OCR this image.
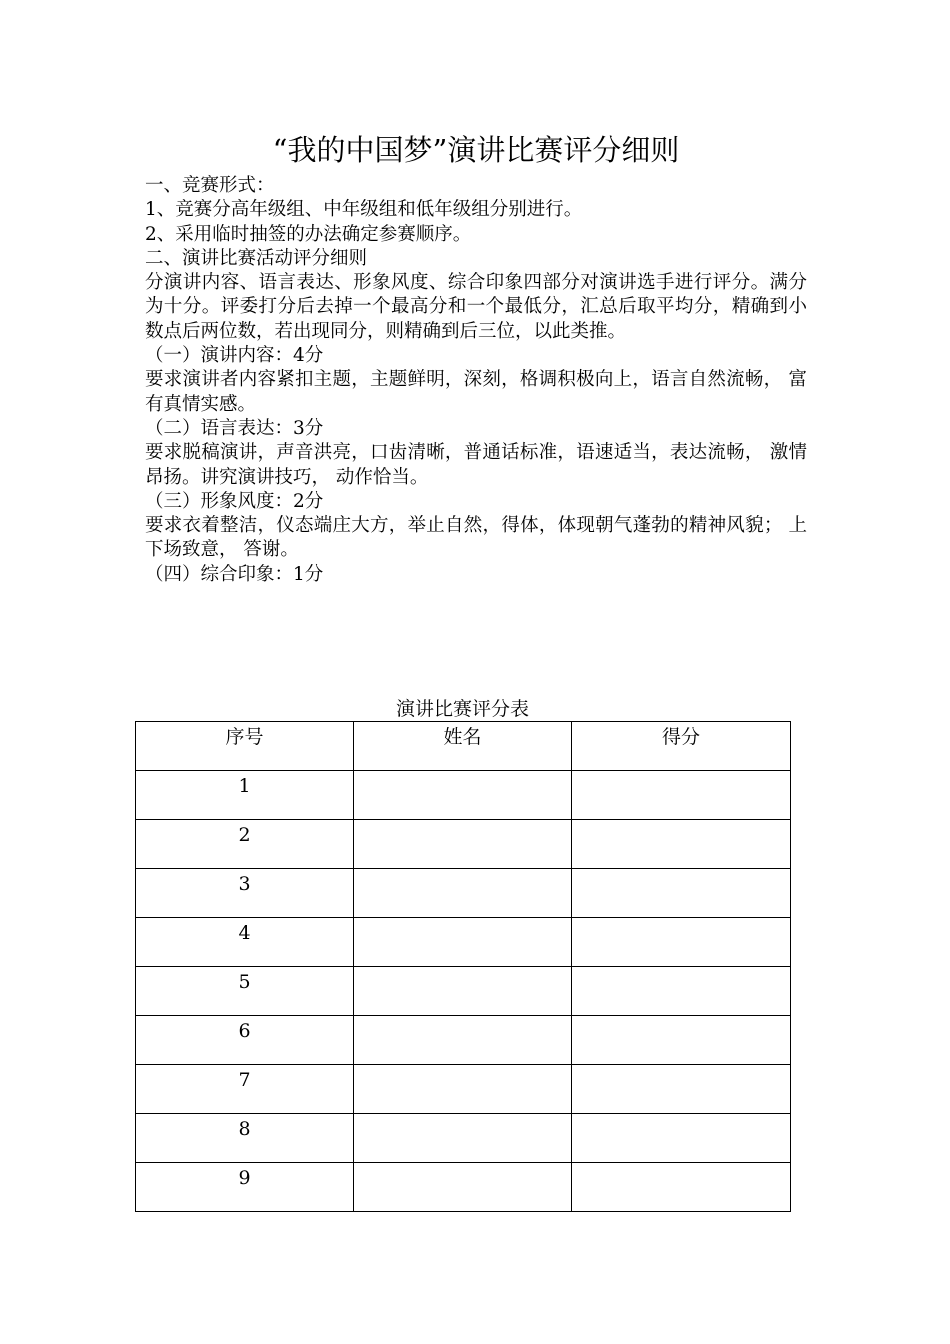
“我的中国梦”演讲比赛评分细则

一、竞赛形式：

1、竞赛分高年级组、中年级组和低年级组分别进行。

2、采用临时抽签的办法确定参赛顺序。

二、演讲比赛活动评分细则

分演讲内容、语言表达、形象风度、综合印象四部分对演讲选手进行评分。满分为十分。评委打分后去掉一个最高分和一个最低分，汇总后取平均分，精确到小数点后两位数，若出现同分，则精确到后三位，以此类推。

（一）演讲内容：4分

要求演讲者内容紧扣主题，主题鲜明，深刻，格调积极向上，语言自然流畅， 富有真情实感。

（二）语言表达：3分

要求脱稿演讲，声音洪亮，口齿清晰，普通话标准，语速适当，表达流畅， 激情昂扬。讲究演讲技巧， 动作恰当。

（三）形象风度：2分

要求衣着整洁，仪态端庄大方，举止自然，得体，体现朝气蓬勃的精神风貌； 上下场致意， 答谢。

（四）综合印象：1分

演讲比赛评分表
序号	姓名	得分
1		
2		
3		
4		
5		
6		
7		
8		
9		
